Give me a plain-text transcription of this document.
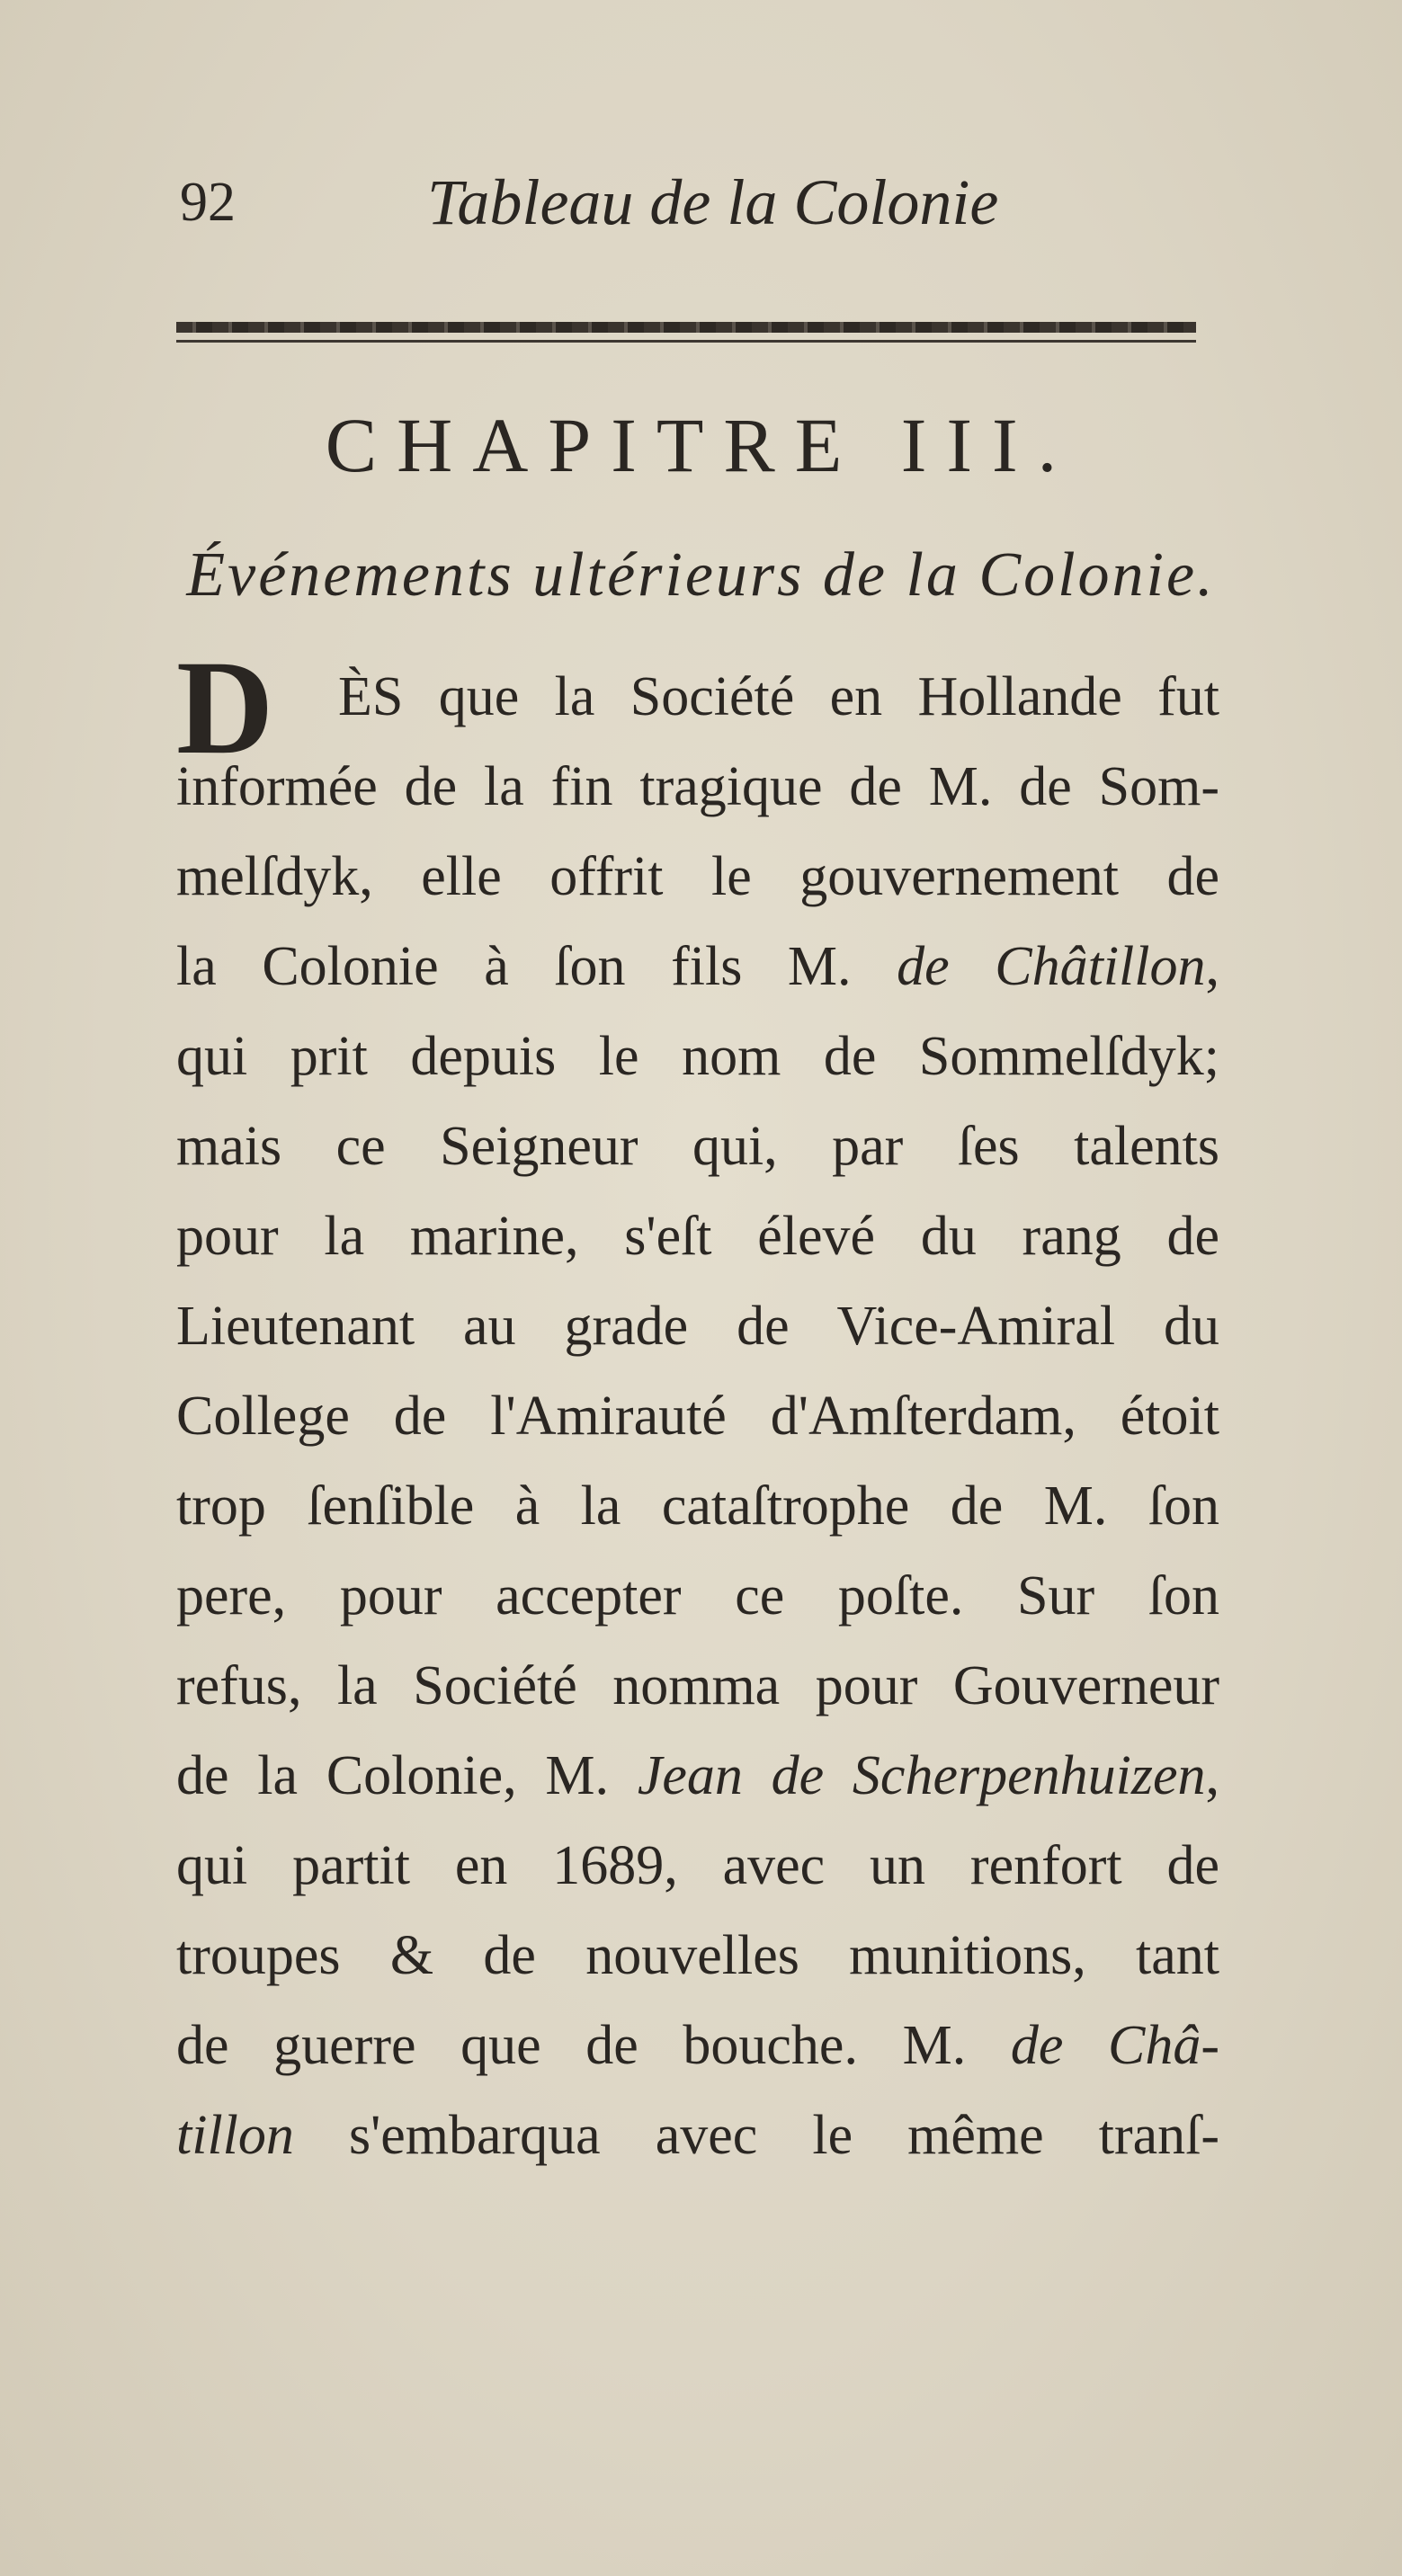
92	Tableau de la Colonie
CHAPITRE III.
Événements ultérieurs de la Colonie.
D ÈS que la Société en Hollande fut
informée de la fin tragique de M. de Som-
melſdyk, elle offrit le gouvernement de
la Colonie à ſon fils M. de Châtillon,
qui prit depuis le nom de Sommelſdyk;
mais ce Seigneur qui, par ſes talents
pour la marine, s'eſt élevé du rang de
Lieutenant au grade de Vice-Amiral du
College de l'Amirauté d'Amſterdam, étoit
trop ſenſible à la cataſtrophe de M. ſon
pere, pour accepter ce poſte. Sur ſon
refus, la Société nomma pour Gouverneur
de la Colonie, M. Jean de Scherpenhuizen,
qui partit en 1689, avec un renfort de
troupes & de nouvelles munitions, tant
de guerre que de bouche. M. de Châ-
tillon s'embarqua avec le même tranſ-
